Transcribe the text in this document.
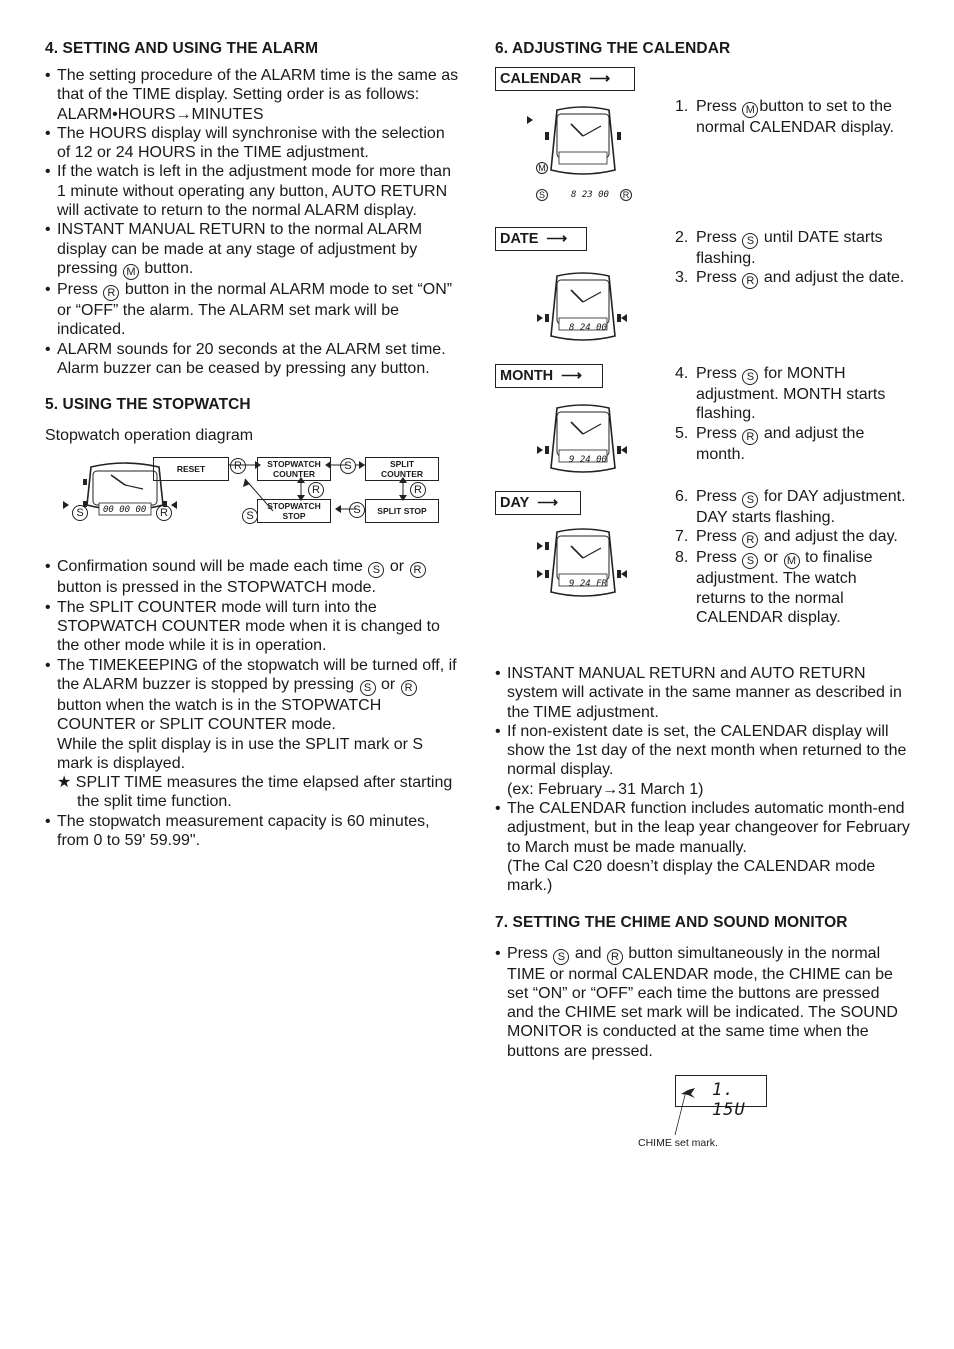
4. SETTING AND USING THE ALARM
• The setting procedure of the ALARM time is the same as that of the TIME display. Setting order is as follows: ALARM•HOURS→MINUTES
• The HOURS display will synchronise with the selection of 12 or 24 HOURS in the TIME adjustment.
• If the watch is left in the adjustment mode for more than 1 minute without operating any button, AUTO RETURN will activate to return to the normal ALARM display.
• INSTANT MANUAL RETURN to the normal ALARM display can be made at any stage of adjustment by pressing M button.
• Press R button in the normal ALARM mode to set “ON” or “OFF” the alarm. The ALARM set mark will be indicated.
• ALARM sounds for 20 seconds at the ALARM set time. Alarm buzzer can be ceased by pressing any button.
5. USING THE STOPWATCH

Stopwatch operation diagram

RESET	R	STOPWATCH
COUNTER
S	SPLIT
COUNTER
R	R
STOPWATCH
STOP
S	S	SPLIT STOP
S	R
00 00 00
• Confirmation sound will be made each time S or R button is pressed in the STOPWATCH mode.
• The SPLIT COUNTER mode will turn into the STOPWATCH COUNTER mode when it is changed to the other mode while it is in operation.
• The TIMEKEEPING of the stopwatch will be turned off, if the ALARM buzzer is stopped by pressing S or R button when the watch is in the STOPWATCH COUNTER or SPLIT COUNTER mode.
While the split display is in use the SPLIT mark or S mark is displayed.
★ SPLIT TIME measures the time elapsed after starting the split time function.
• The stopwatch measurement capacity is 60 minutes, from 0 to 59' 59.99".
6. ADJUSTING THE CALENDAR
CALENDAR ⟶
M
S	R
8 23 00
1. Press M button to set to the normal CALENDAR display.
DATE ⟶
8 24 00
2. Press S until DATE starts flashing.
3. Press R and adjust the date.
MONTH ⟶
9 24 00
4. Press S for MONTH adjustment. MONTH starts flashing.
5. Press R and adjust the month.
DAY ⟶
9 24 FR
6. Press S for DAY adjustment. DAY starts flashing.
7. Press R and adjust the day.
8. Press S or M to finalise adjustment. The watch returns to the normal CALENDAR display.
• INSTANT MANUAL RETURN and AUTO RETURN system will activate in the same manner as described in the TIME adjustment.
• If non-existent date is set, the CALENDAR display will show the 1st day of the next month when returned to the normal display.
(ex: February→31 March 1)
• The CALENDAR function includes automatic month-end adjustment, but in the leap year changeover for February to March must be made manually.
(The Cal C20 doesn’t display the CALENDAR mode mark.)
7. SETTING THE CHIME AND SOUND MONITOR
• Press S and R button simultaneously in the normal TIME or normal CALENDAR mode, the CHIME can be set “ON” or “OFF” each time the buttons are pressed and the CHIME set mark will be indicated. The SOUND MONITOR is conducted at the same time when the buttons are pressed.
1. 15U
CHIME set mark.
